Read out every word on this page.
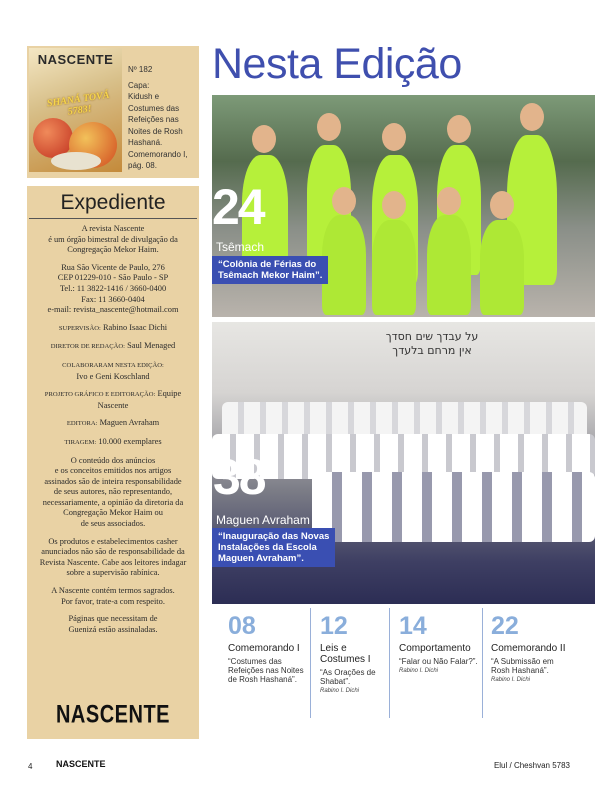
NASCENTE
SHANÁ TOVÁ 5783!
Nº 182
Capa:
Kidush e Costumes das Refeições nas Noites de Rosh Hashaná. Comemorando I, pág. 08.
Expediente

A revista Nascente
é um órgão bimestral de divulgação da
Congregação Mekor Haim.

Rua São Vicente de Paulo, 276
CEP 01229-010 - São Paulo - SP
Tel.: 11 3822-1416 / 3660-0400
Fax: 11 3660-0404
e-mail: revista_nascente@hotmail.com

SUPERVISÃO: Rabino Isaac Dichi

DIRETOR DE REDAÇÃO: Saul Menaged

COLABORARAM NESTA EDIÇÃO:
Ivo e Geni Koschland

PROJETO GRÁFICO E EDITORAÇÃO: Equipe Nascente

EDITORA: Maguen Avraham

TIRAGEM: 10.000 exemplares

O conteúdo dos anúncios
e os conceitos emitidos nos artigos
assinados são de inteira responsabilidade
de seus autores, não representando,
necessariamente, a opinião da diretoria da
Congregação Mekor Haim ou
de seus associados.

Os produtos e estabelecimentos casher
anunciados não são de responsabilidade da
Revista Nascente. Cabe aos leitores indagar
sobre a supervisão rabínica.

A Nascente contém termos sagrados.
Por favor, trate-a com respeito.

Páginas que necessitam de
Guenizá estão assinaladas.

NASCENTE
Nesta Edição
24
Tsêmach
“Colônia de Férias do
Tsêmach Mekor Haim”.
על עבדך שים חסדך
אין מרחם בלעדך
38
Maguen Avraham
“Inauguração das Novas
Instalações da Escola
Maguen Avraham”.
08
Comemorando I
“Costumes das Refeições nas Noites de Rosh Hashaná”.
12
Leis e Costumes I
“As Orações de Shabat”.
Rabino I. Dichi
14
Comportamento
“Falar ou Não Falar?”.
Rabino I. Dichi
22
Comemorando II
“A Submissão em Rosh Hashaná”.
Rabino I. Dichi
4	NASCENTE	Elul / Cheshvan 5783
